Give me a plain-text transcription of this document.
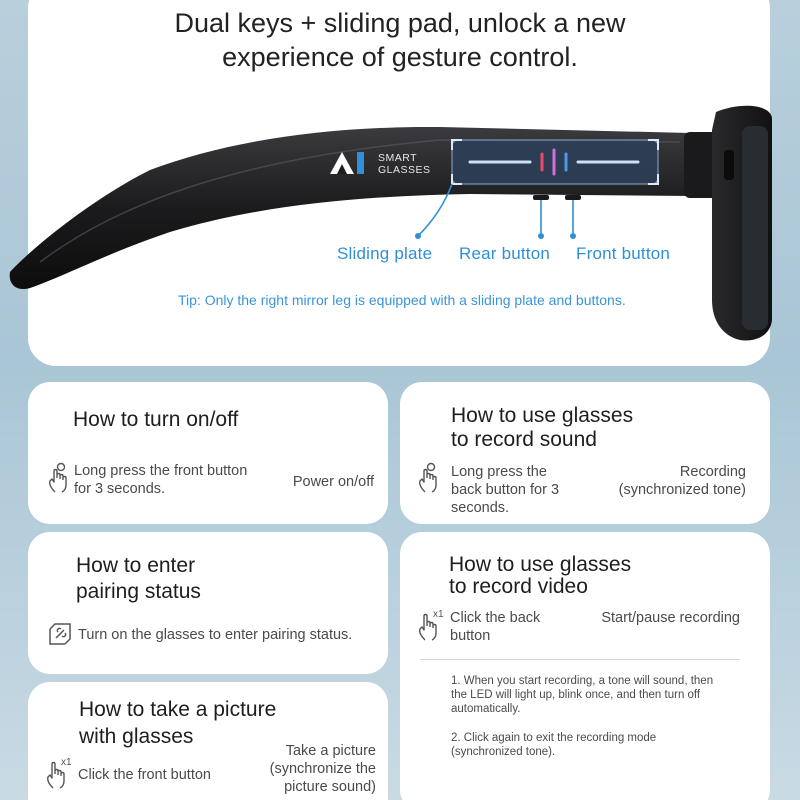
Dual keys + sliding pad, unlock a new
experience of gesture control.
SMART
GLASSES
Sliding plate Rear button Front button
Tip: Only the right mirror leg is equipped with a sliding plate and buttons.
How to turn on/off
Long press the front button
for 3 seconds.	Power on/off
How to use glasses
to record sound
Long press the
back button for 3
seconds.
Recording
(synchronized tone)
How to enter
pairing status
Turn on the glasses to enter pairing status.
How to use glasses
to record video
x1 Click the back
button
Start/pause recording
1. When you start recording, a tone will sound, then
the LED will light up, blink once, and then turn off
automatically.
2. Click again to exit the recording mode
(synchronized tone).
How to take a picture
with glasses
x1
Click the front button
Take a picture
(synchronize the
picture sound)
